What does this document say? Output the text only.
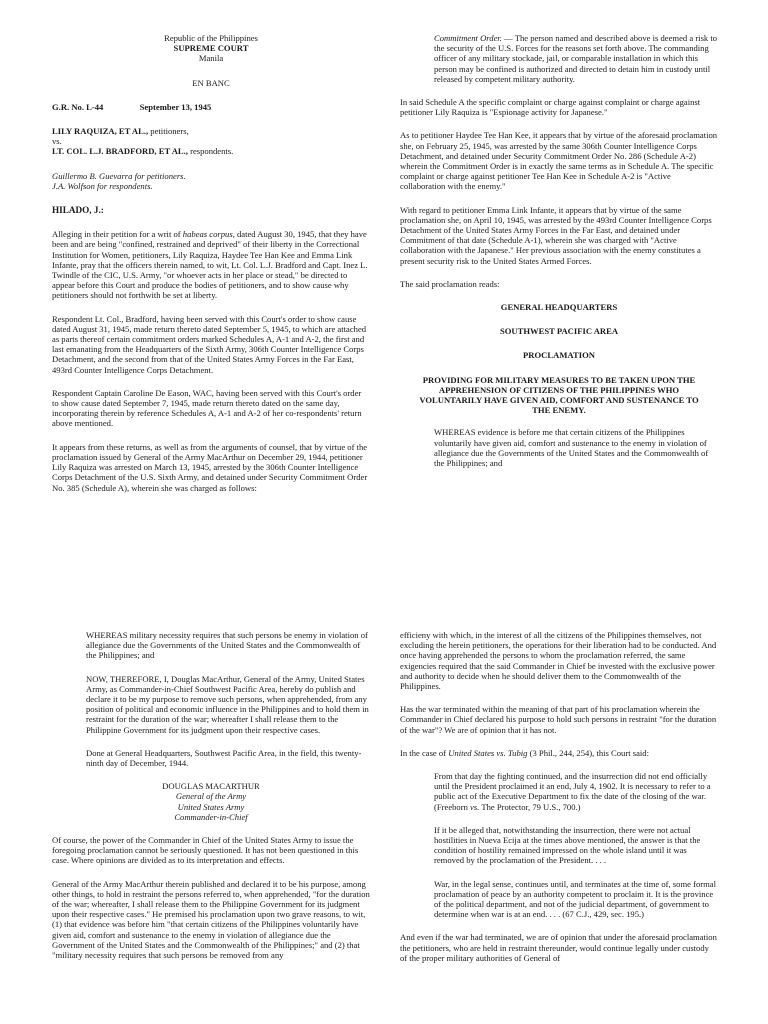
Republic of the Philippines
SUPREME COURT
Manila
EN BANC
G.R. No. L-44	September 13, 1945
LILY RAQUIZA, ET AL., petitioners,
vs.
LT. COL. L.J. BRADFORD, ET AL., respondents.
Guillermo B. Guevarra for petitioners.
J.A. Wolfson for respondents.
HILADO, J.:

Alleging in their petition for a writ of habeas corpus, dated August 30, 1945, that they have been and are being "confined, restrained and deprived" of their liberty in the Correctional Institution for Women, petitioners, Lily Raquiza, Haydee Tee Han Kee and Emma Link Infante, pray that the officers therein named, to wit, Lt. Col. L.J. Bradford and Capt. Inez L. Twindle of the CIC, U.S. Army, "or whoever acts in her place or stead," be directed to appear before this Court and produce the bodies of petitioners, and to show cause why petitioners should not forthwith be set at liberty.

Respondent Lt. Col., Bradford, having been served with this Court's order to show cause dated August 31, 1945, made return thereto dated September 5, 1945, to which are attached as parts thereof certain commitment orders marked Schedules A, A-1 and A-2, the first and last emanating from the Headquarters of the Sixth Army, 306th Counter Intelligence Corps Detachment, and the second from that of the United States Army Forces in the Far East, 493rd Counter Intelligence Corps Detachment.

Respondent Captain Caroline De Eason, WAC, having been served with this Court's order to show cause dated September 7, 1945, made return thereto dated on the same day, incorporating therein by reference Schedules A, A-1 and A-2 of her co-respondents' return above mentioned.

It appears from these returns, as well as from the arguments of counsel, that by virtue of the proclamation issued by General of the Army MacArthur on December 29, 1944, petitioner Lily Raquiza was arrested on March 13, 1945, arrested by the 306th Counter Intelligence Corps Detachment of the U.S. Sixth Army, and detained under Security Commitment Order No. 385 (Schedule A), wherein she was charged as follows:

Commitment Order. — The person named and described above is deemed a risk to the security of the U.S. Forces for the reasons set forth above. The commanding officer of any military stockade, jail, or comparable installation in which this person may be confined is authorized and directed to detain him in custody until released by competent military authority.

In said Schedule A the specific complaint or charge against complaint or charge against petitioner Lily Raquiza is "Espionage activity for Japanese."

As to petitioner Haydee Tee Han Kee, it appears that by virtue of the aforesaid proclamation she, on February 25, 1945, was arrested by the same 306th Counter Intelligence Corps Detachment, and detained under Security Commitment Order No. 286 (Schedule A-2) wherein the Commitment Order is in exactly the same terms as in Schedule A. The specific complaint or charge against petitioner Tee Han Kee in Schedule A-2 is "Active collaboration with the enemy."

With regard to petitioner Emma Link Infante, it appears that by virtue of the same proclamation she, on April 10, 1945, was arrested by the 493rd Counter Intelligence Corps Detachment of the United States Army Forces in the Far East, and detained under Commitment of that date (Schedule A-1), wherein she was charged with "Active collaboration with the Japanese." Her previous association with the enemy constitutes a present security risk to the United States Armed Forces.

The said proclamation reads:

GENERAL HEADQUARTERS
SOUTHWEST PACIFIC AREA
PROCLAMATION
PROVIDING FOR MILITARY MEASURES TO BE TAKEN UPON THE APPREHENSION OF CITIZENS OF THE PHILIPPINES WHO VOLUNTARILY HAVE GIVEN AID, COMFORT AND SUSTENANCE TO THE ENEMY.

WHEREAS evidence is before me that certain citizens of the Philippines voluntarily have given aid, comfort and sustenance to the enemy in violation of allegiance due the Governments of the United States and the Commonwealth of the Philippines; and

WHEREAS military necessity requires that such persons be enemy in violation of allegiance due the Governments of the United States and the Commonwealth of the Philippines; and

NOW, THEREFORE, I, Douglas MacArthur, General of the Army, United States Army, as Commander-in-Chief Southwest Pacific Area, hereby do publish and declare it to be my purpose to remove such persons, when apprehended, from any position of political and economic influence in the Philippines and to hold them in restraint for the duration of the war; whereafter I shall release them to the Philippine Government for its judgment upon their respective cases.

Done at General Headquarters, Southwest Pacific Area, in the field, this twenty-ninth day of December, 1944.

DOUGLAS MACARTHUR
General of the Army
United States Army
Commander-in-Chief

Of course, the power of the Commander in Chief of the United States Army to issue the foregoing proclamation cannot be seriously questioned. It has not been questioned in this case. Where opinions are divided as to its interpretation and effects.

General of the Army MacArthur therein published and declared it to be his purpose, among other things, to hold in restraint the persons referred to, when apprehended, "for the duration of the war; whereafter, I shall release them to the Philippine Government for its judgment upon their respective cases." He premised his proclamation upon two grave reasons, to wit, (1) that evidence was before him "that certain citizens of the Philippines voluntarily have given aid, comfort and sustenance to the enemy in violation of allegiance due the Government of the United States and the Commonwealth of the Philippines;" and (2) that "military necessity requires that such persons be removed from any

efficieny with which, in the interest of all the citizens of the Philippines themselves, not excluding the herein petitioners, the operations for their liberation had to be conducted. And once having apprehended the persons to whom the proclamation referred, the same exigencies required that the said Commander in Chief be invested with the exclusive power and authority to decide when he should deliver them to the Commonwealth of the Philippines.

Has the war terminated within the meaning of that part of his proclamation wherein the Commander in Chief declared his purpose to hold such persons in restraint "for the duration of the war"? We are of opinion that it has not.

In the case of United States vs. Tubig (3 Phil., 244, 254), this Court said:

From that day the fighting continued, and the insurrection did not end officially until the President proclaimed it an end, July 4, 1902. It is necessary to refer to a public act of the Executive Department to fix the date of the closing of the war. (Freeborn vs. The Protector, 79 U.S., 700.)

If it be alleged that, notwithstanding the insurrection, there were not actual hostilities in Nueva Ecija at the times above mentioned, the answer is that the condition of hostility remained impressed on the whole island until it was removed by the proclamation of the President. . . .

War, in the legal sense, continues until, and terminates at the time of, some formal proclamation of peace by an authority competent to proclaim it. It is the province of the political department, and not of the judicial department, of government to determine when war is at an end. . . . (67 C.J., 429, sec. 195.)

And even if the war had terminated, we are of opinion that under the aforesaid proclamation the petitioners, who are held in restraint thereunder, would continue legally under custody of the proper military authorities of General of
